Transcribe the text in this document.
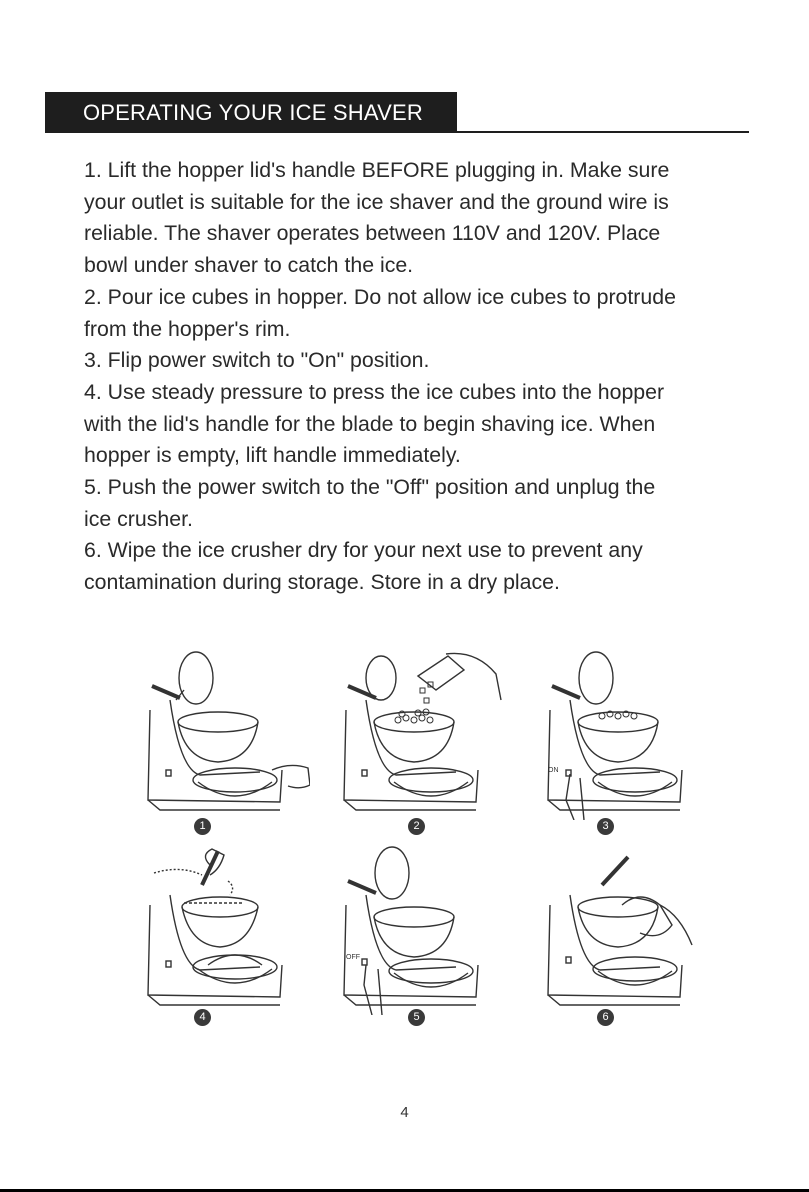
OPERATING YOUR ICE SHAVER
1. Lift the hopper lid's handle BEFORE plugging in. Make sure
your outlet is suitable for the ice shaver and the ground wire is
reliable. The shaver operates between 110V and 120V. Place
bowl under shaver to catch the ice.
2. Pour ice cubes in hopper. Do not allow ice cubes to protrude
from the hopper's rim.
3. Flip power switch to "On" position.
4. Use steady pressure to press the ice cubes into the hopper
with the lid's handle for the blade to begin shaving ice. When
hopper is empty, lift handle immediately.
5. Push the power switch to the "Off" position and unplug the
ice crusher.
6. Wipe the ice crusher dry for your next use to prevent any
contamination during storage. Store in a dry place.
1	2
ON
3
4
OFF
5	6
4
